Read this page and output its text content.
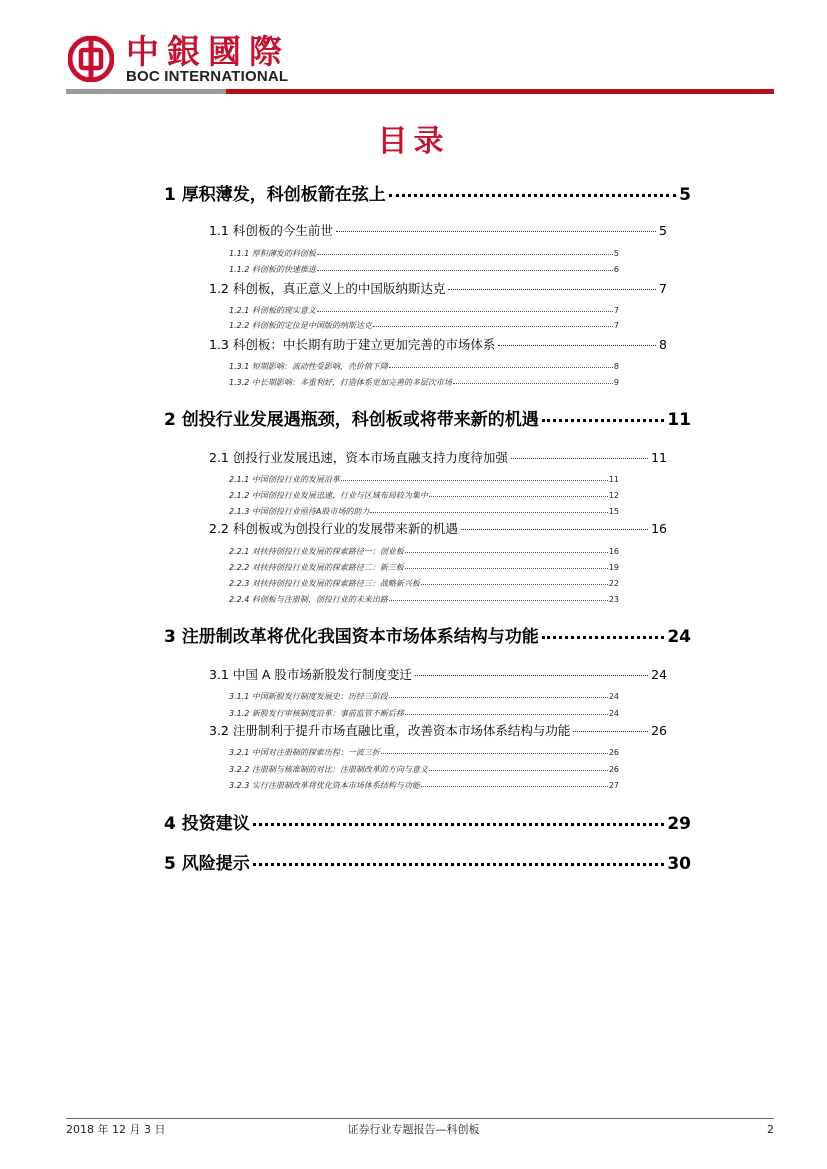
中銀國際
BOC INTERNATIONAL
目录
1 厚积薄发，科创板箭在弦上	5
1.1 科创板的今生前世	5
1.1.1 厚积薄发的科创板	5
1.1.2 科创板的快速推进	6
1.2 科创板，真正意义上的中国版纳斯达克	7
1.2.1 科创板的现实意义	7
1.2.2 科创板的定位是中国版的纳斯达克	7
1.3 科创板：中长期有助于建立更加完善的市场体系	8
1.3.1 短期影响：流动性受影响，壳价值下降	8
1.3.2 中长期影响：多重利好，打造体系更加完善的多层次市场	9
2 创投行业发展遇瓶颈，科创板或将带来新的机遇	11
2.1 创投行业发展迅速，资本市场直融支持力度待加强	11
2.1.1 中国创投行业的发展沿革	11
2.1.2 中国创投行业发展迅速，行业与区域布局较为集中	12
2.1.3 中国创投行业亟待A股市场的助力	15
2.2 科创板或为创投行业的发展带来新的机遇	16
2.2.1 对扶持创投行业发展的探索路径一：创业板	16
2.2.2 对扶持创投行业发展的探索路径二：新三板	19
2.2.3 对扶持创投行业发展的探索路径三：战略新兴板	22
2.2.4 科创板与注册制，创投行业的未来出路	23
3 注册制改革将优化我国资本市场体系结构与功能	24
3.1 中国 A 股市场新股发行制度变迁	24
3.1.1 中国新股发行制度发展史：历经三阶段	24
3.1.2 新股发行审核制度沿革：事前监管不断后移	24
3.2 注册制利于提升市场直融比重，改善资本市场体系结构与功能	26
3.2.1 中国对注册制的探索历程：一波三折	26
3.2.2 注册制与核准制的对比：注册制改革的方向与意义	26
3.2.3 实行注册制改革将优化资本市场体系结构与功能	27
4 投资建议	29
5 风险提示	30
2018 年 12 月 3 日	证券行业专题报告—科创板	2
